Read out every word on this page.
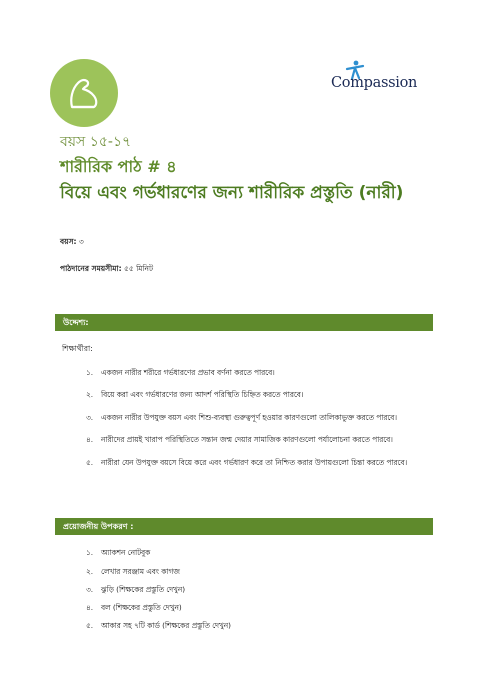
Compassion
বয়স ১৫-১৭
শারীরিক পাঠ # ৪
বিয়ে এবং গর্ভধারণের জন্য শারীরিক প্রস্তুতি (নারী)
বয়স: ৩
পাঠদানের সময়সীমা: ৫৫ মিনিট
উদ্দেশ্য:
শিক্ষার্থীরা:
১.	একজন নারীর শরীরে গর্ভধারণের প্রভাব বর্ণনা করতে পারবে।
২.	বিয়ে করা এবং গর্ভধারণের জন্য আদর্শ পরিস্থিতি চিহ্নিত করতে পারবে।
৩.	একজন নারীর উপযুক্ত বয়স এবং শিশু-ব্যবস্থা গুরুত্বপূর্ণ হওয়ার কারণগুলো তালিকাভুক্ত করতে পারবে।
৪.	নারীদের প্রায়ই খারাপ পরিস্থিতিতে সন্তান জন্ম দেয়ার সামাজিক কারণগুলো পর্যালোচনা করতে পারবে।
৫.	নারীরা যেন উপযুক্ত বয়সে বিয়ে করে এবং গর্ভধারণ করে তা নিশ্চিত করার উপায়গুলো চিন্তা করতে পারবে।
প্রয়োজনীয় উপকরণ :
১. অ্যাকশন নোটবুক
২. লেখার সরঞ্জাম এবং কাগজ
৩. ঝুড়ি (শিক্ষকের প্রস্তুতি দেখুন)
৪. বল (শিক্ষকের প্রস্তুতি দেখুন)
৫. আকার সহ ৭টি কার্ড (শিক্ষকের প্রস্তুতি দেখুন)
